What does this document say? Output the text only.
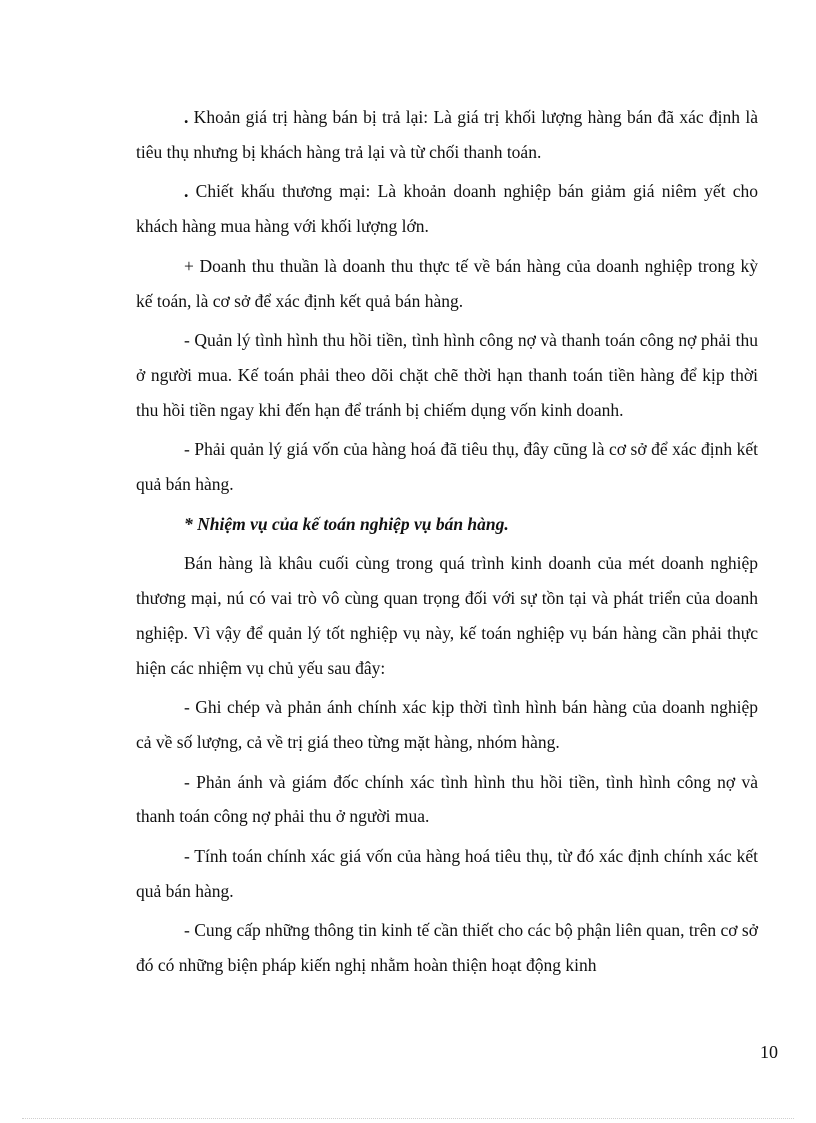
. Khoản giá trị hàng bán bị trả lại: Là giá trị khối lượng hàng bán đã xác định là tiêu thụ nhưng bị khách hàng trả lại và từ chối thanh toán.

. Chiết khấu thương mại: Là khoản doanh nghiệp bán giảm giá niêm yết cho khách hàng mua hàng với khối lượng lớn.

+ Doanh thu thuần là doanh thu thực tế về bán hàng của doanh nghiệp trong kỳ kế toán, là cơ sở để xác định kết quả bán hàng.

- Quản lý tình hình thu hồi tiền, tình hình công nợ và thanh toán công nợ phải thu ở người mua. Kế toán phải theo dõi chặt chẽ thời hạn thanh toán tiền hàng để kịp thời thu hồi tiền ngay khi đến hạn để tránh bị chiếm dụng vốn kinh doanh.

- Phải quản lý giá vốn của hàng hoá đã tiêu thụ, đây cũng là cơ sở để xác định kết quả bán hàng.

* Nhiệm vụ của kế toán nghiệp vụ bán hàng.

Bán hàng là khâu cuối cùng trong quá trình kinh doanh của mét doanh nghiệp thương mại, nú có vai trò vô cùng quan trọng đối với sự tồn tại và phát triển của doanh nghiệp. Vì vậy để quản lý tốt nghiệp vụ này, kế toán nghiệp vụ bán hàng cần phải thực hiện các nhiệm vụ chủ yếu sau đây:

- Ghi chép và phản ánh chính xác kịp thời tình hình bán hàng của doanh nghiệp cả về số lượng, cả về trị giá theo từng mặt hàng, nhóm hàng.

- Phản ánh và giám đốc chính xác tình hình thu hồi tiền, tình hình công nợ và thanh toán công nợ phải thu ở người mua.

- Tính toán chính xác giá vốn của hàng hoá tiêu thụ, từ đó xác định chính xác kết quả bán hàng.

- Cung cấp những thông tin kinh tế cần thiết cho các bộ phận liên quan, trên cơ sở đó có những biện pháp kiến nghị nhằm hoàn thiện hoạt động kinh

10
